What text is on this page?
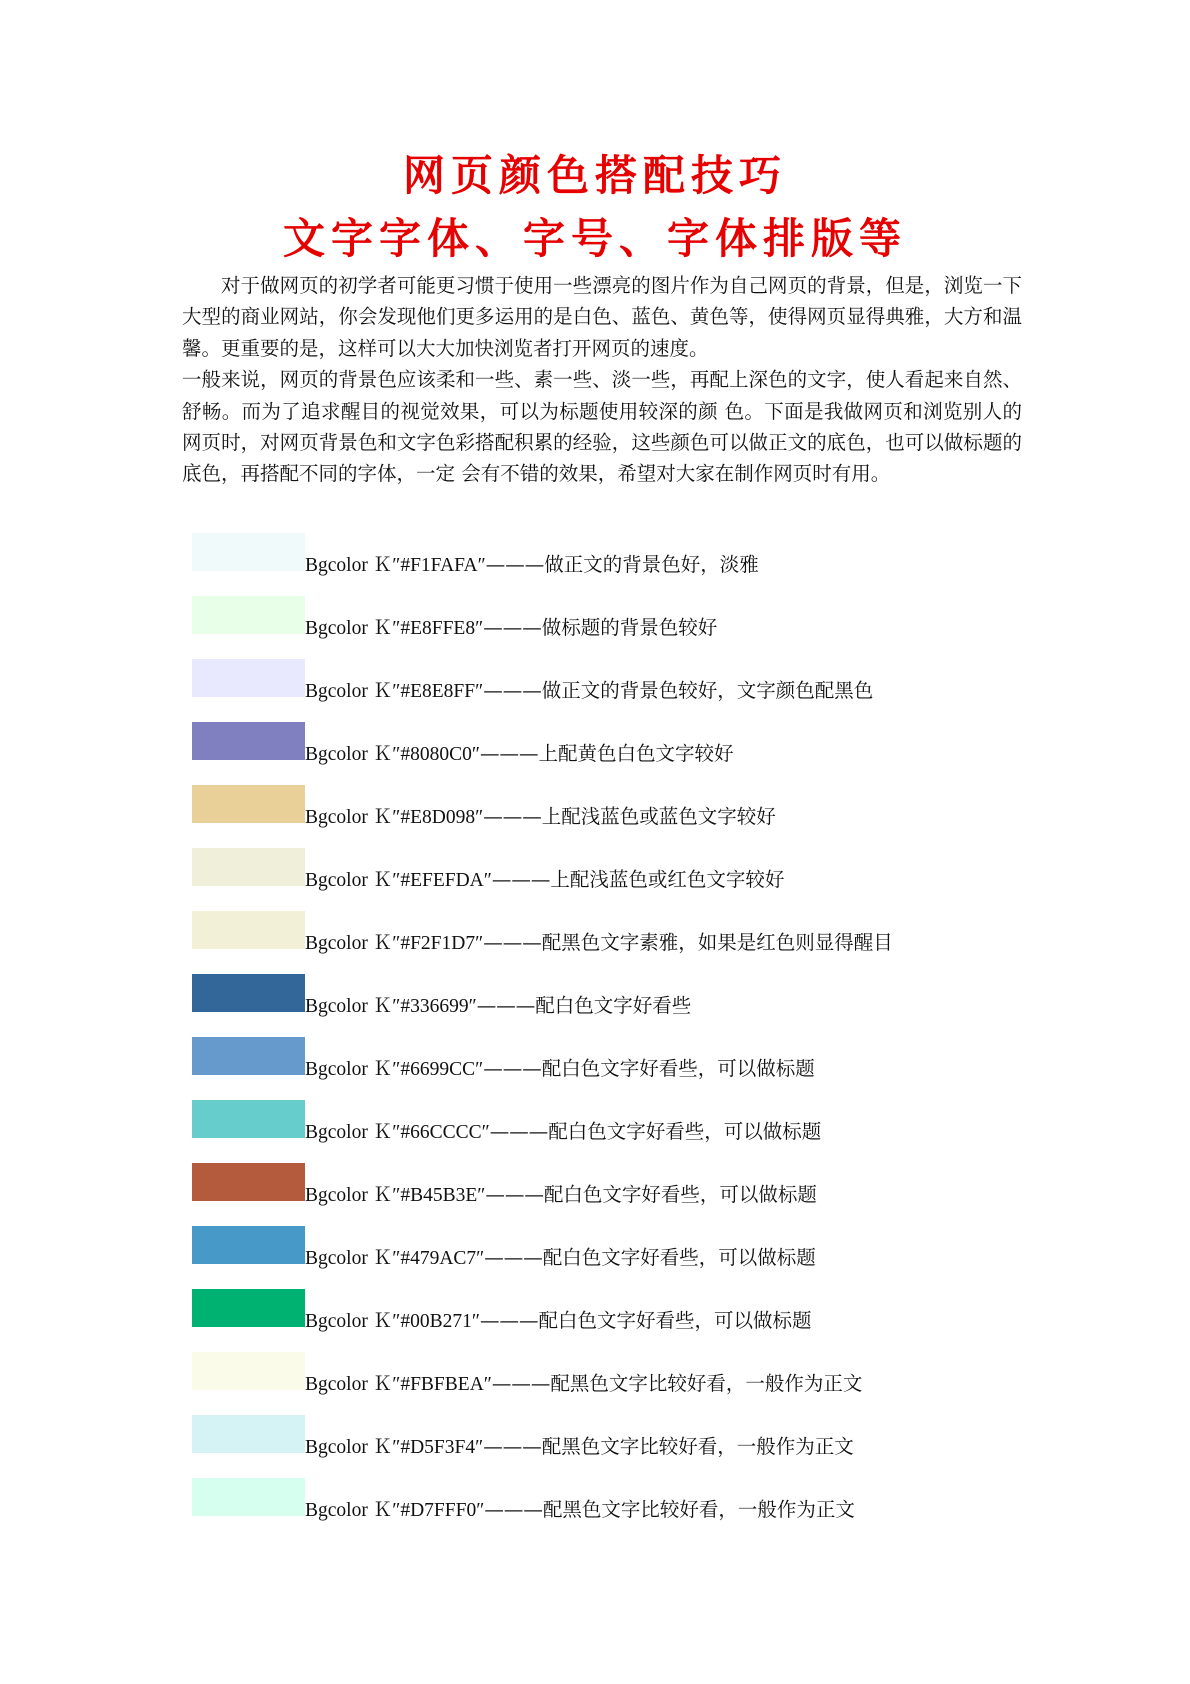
网页颜色搭配技巧
文字字体、字号、字体排版等

对于做网页的初学者可能更习惯于使用一些漂亮的图片作为自己网页的背景，但是，浏览一下大型的商业网站，你会发现他们更多运用的是白色、蓝色、黄色等，使得网页显得典雅，大方和温馨。更重要的是，这样可以大大加快浏览者打开网页的速度。

一般来说，网页的背景色应该柔和一些、素一些、淡一些，再配上深色的文字，使人看起来自然、舒畅。而为了追求醒目的视觉效果，可以为标题使用较深的颜 色。下面是我做网页和浏览别人的网页时，对网页背景色和文字色彩搭配积累的经验，这些颜色可以做正文的底色，也可以做标题的底色，再搭配不同的字体，一定 会有不错的效果，希望对大家在制作网页时有用。

Bgcolor Ｋ″#F1FAFA″———做正文的背景色好，淡雅
Bgcolor Ｋ″#E8FFE8″———做标题的背景色较好
Bgcolor Ｋ″#E8E8FF″———做正文的背景色较好，文字颜色配黑色
Bgcolor Ｋ″#8080C0″———上配黄色白色文字较好
Bgcolor Ｋ″#E8D098″———上配浅蓝色或蓝色文字较好
Bgcolor Ｋ″#EFEFDA″———上配浅蓝色或红色文字较好
Bgcolor Ｋ″#F2F1D7″———配黑色文字素雅，如果是红色则显得醒目
Bgcolor Ｋ″#336699″———配白色文字好看些
Bgcolor Ｋ″#6699CC″———配白色文字好看些，可以做标题
Bgcolor Ｋ″#66CCCC″———配白色文字好看些，可以做标题
Bgcolor Ｋ″#B45B3E″———配白色文字好看些，可以做标题
Bgcolor Ｋ″#479AC7″———配白色文字好看些，可以做标题
Bgcolor Ｋ″#00B271″———配白色文字好看些，可以做标题
Bgcolor Ｋ″#FBFBEA″———配黑色文字比较好看，一般作为正文
Bgcolor Ｋ″#D5F3F4″———配黑色文字比较好看，一般作为正文
Bgcolor Ｋ″#D7FFF0″———配黑色文字比较好看，一般作为正文
